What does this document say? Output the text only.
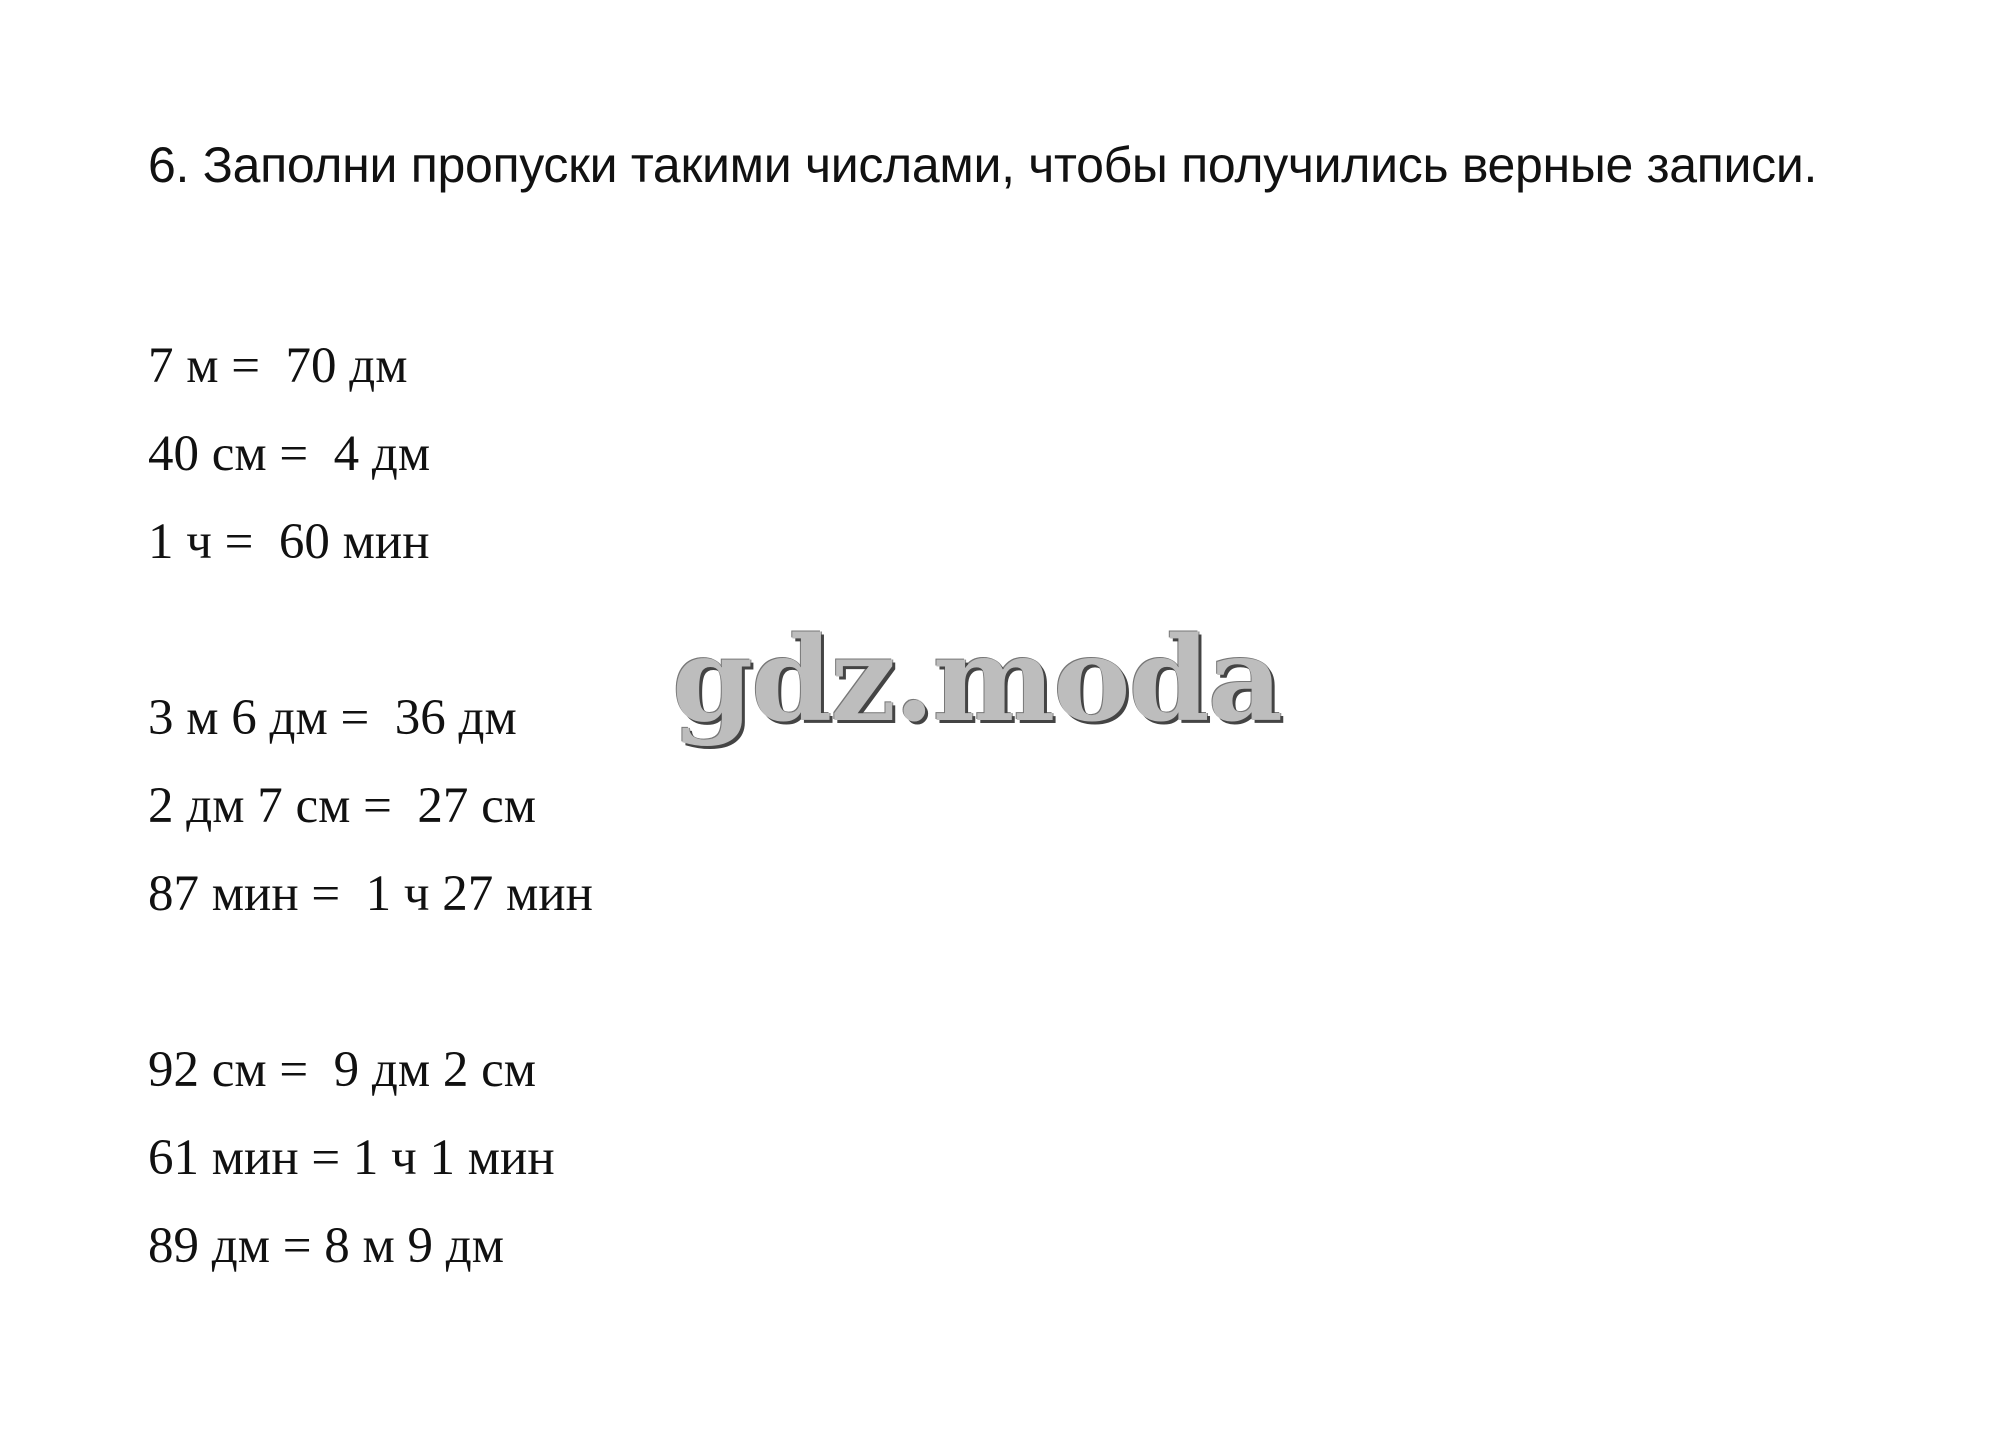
6. Заполни пропуски такими числами, чтобы получились верные записи.
7 м =  70 дм
40 см =  4 дм
1 ч =  60 мин
3 м 6 дм =  36 дм
2 дм 7 см =  27 см
87 мин =  1 ч 27 мин
92 см =  9 дм 2 см
61 мин = 1 ч 1 мин
89 дм = 8 м 9 дм
gdz.moda
